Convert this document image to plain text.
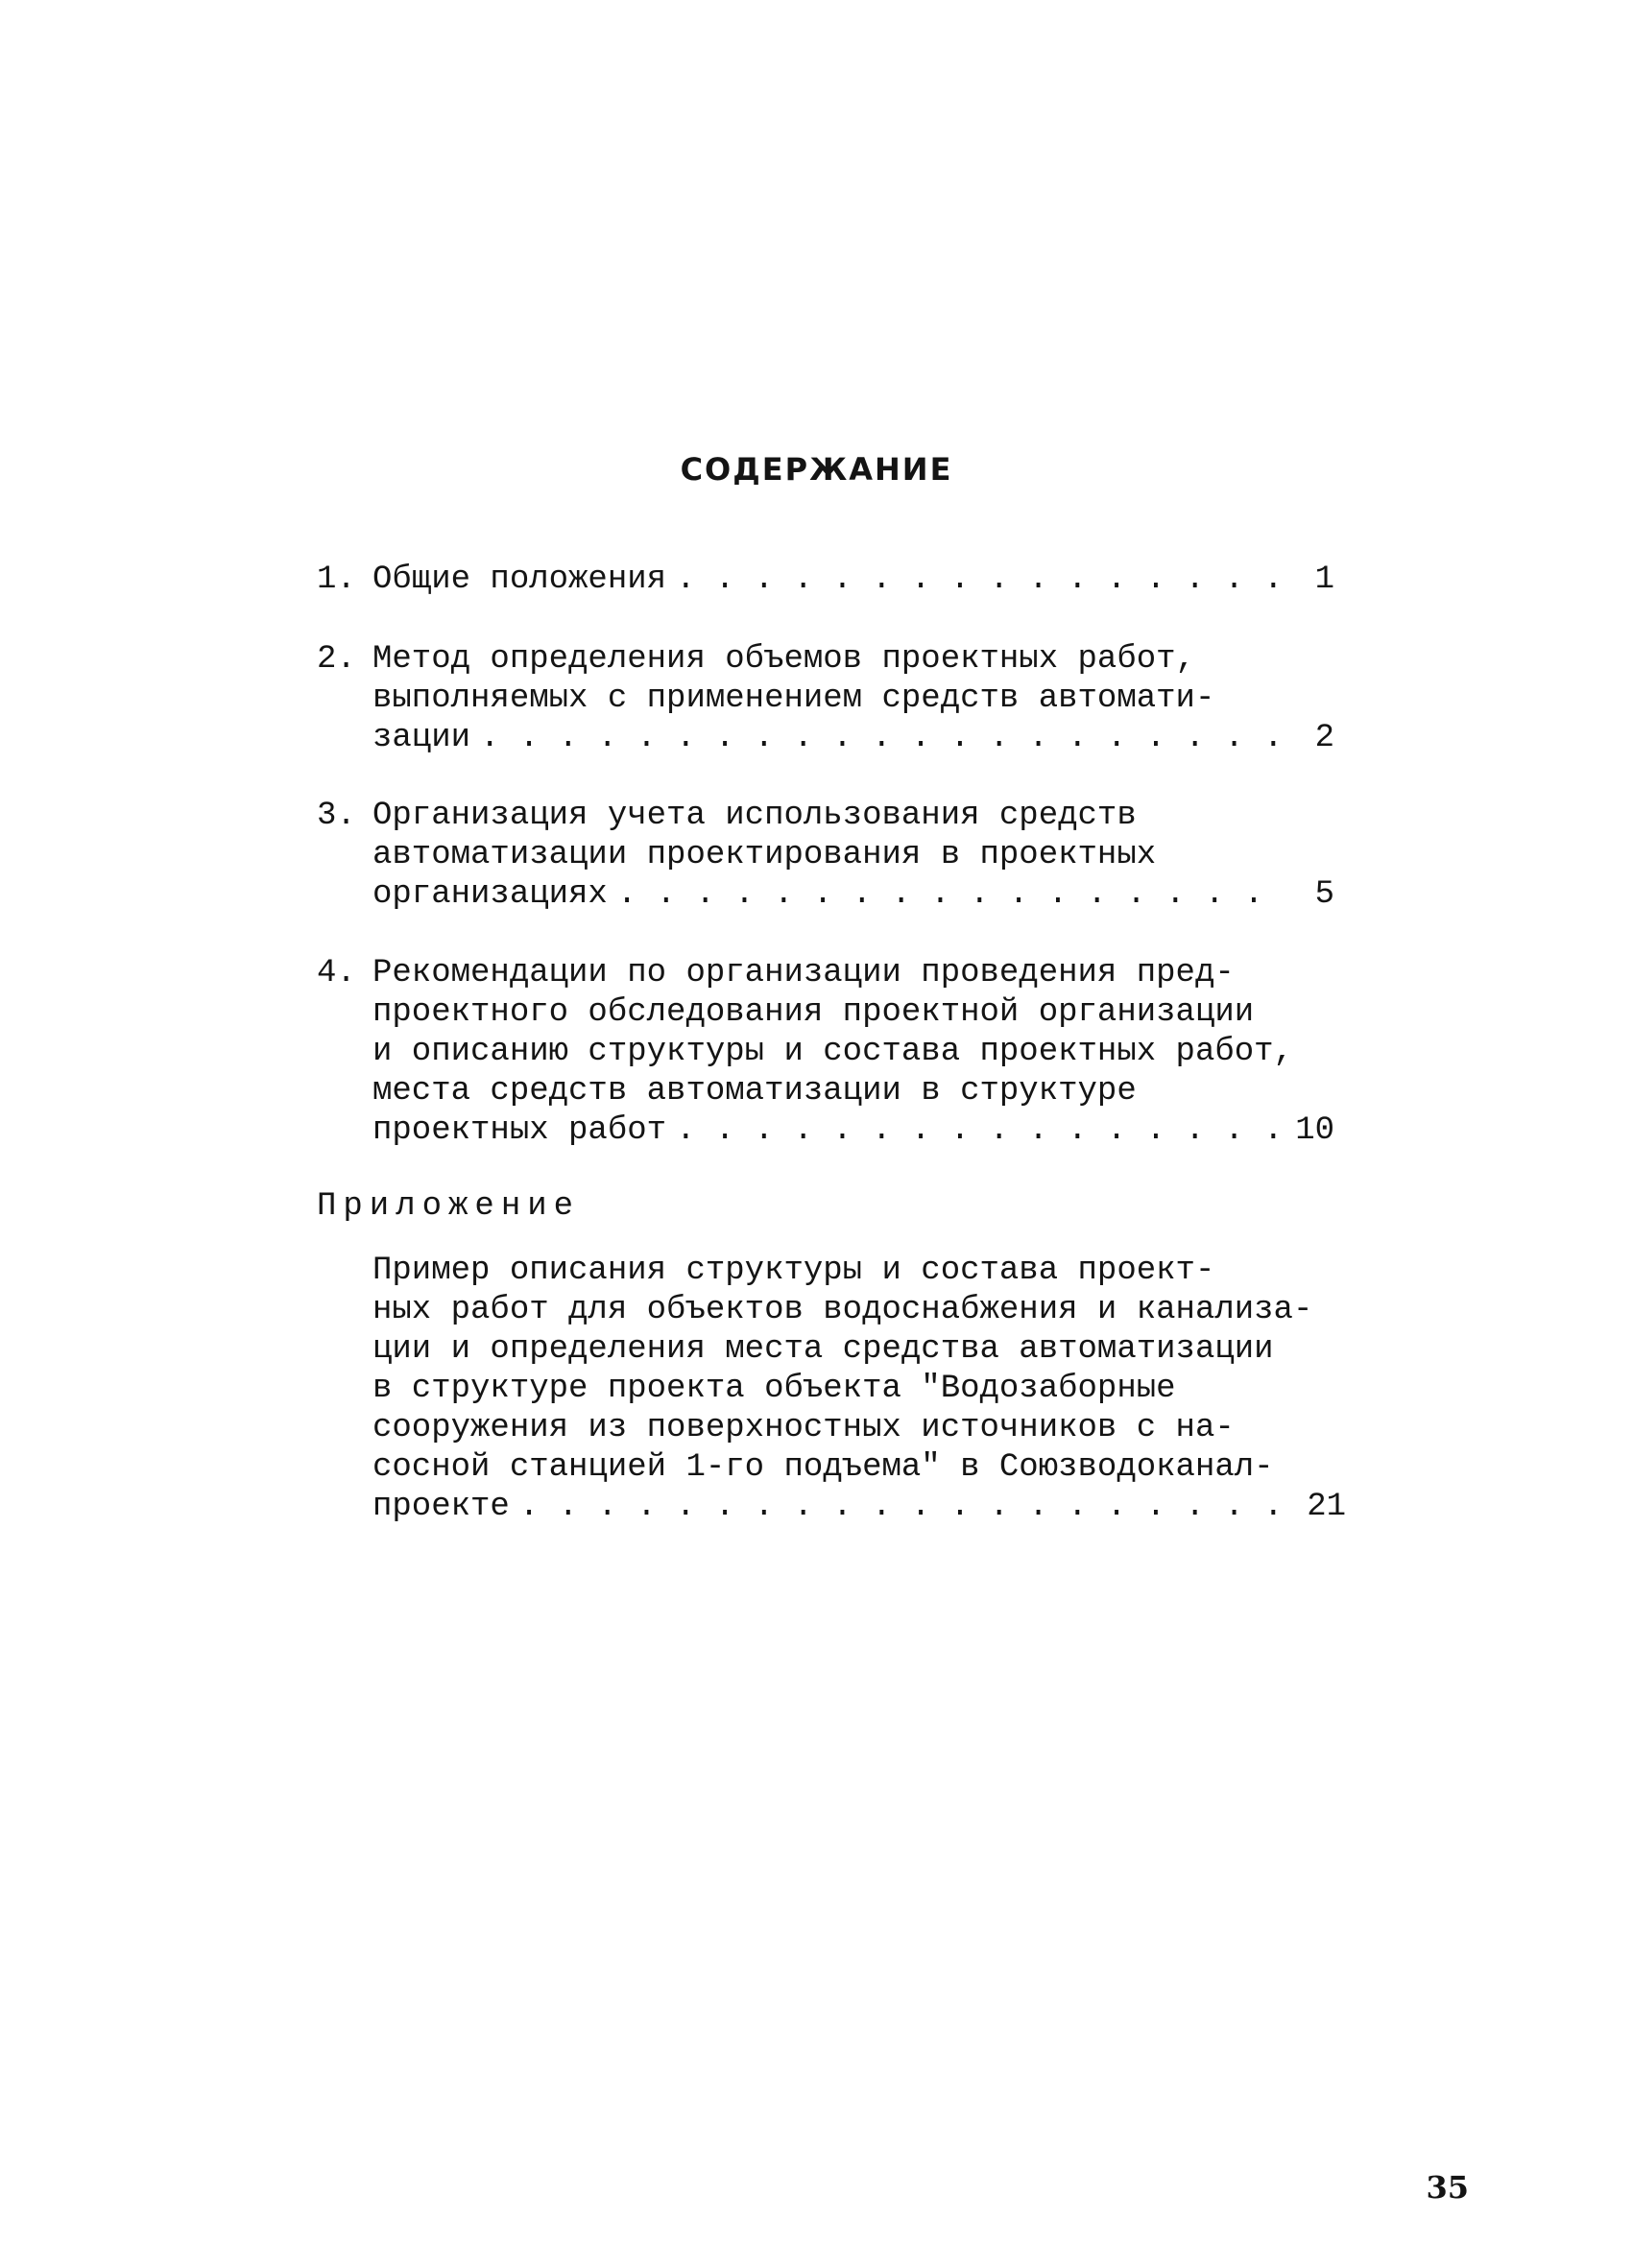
СОДЕРЖАНИЕ
1. Общие положения . . .	1
2. Метод определения объемов проектных работ,
выполняемых с применением средств автомати-
зации . . .	2
3. Организация учета использования средств
автоматизации проектирования в проектных
организациях . . .	5
4. Рекомендации по организации проведения пред-
проектного обследования проектной организации
и описанию структуры и состава проектных работ,
места средств автоматизации в структуре
проектных работ . . .	10
Приложение
Пример описания структуры и состава проект-
ных работ для объектов водоснабжения и канализа-
ции и определения места средства автоматизации
в структуре проекта объекта "Водозаборные
сооружения из поверхностных источников с на-
сосной станцией 1-го подъема" в Союзводоканал-
проекте . . .	21
35
